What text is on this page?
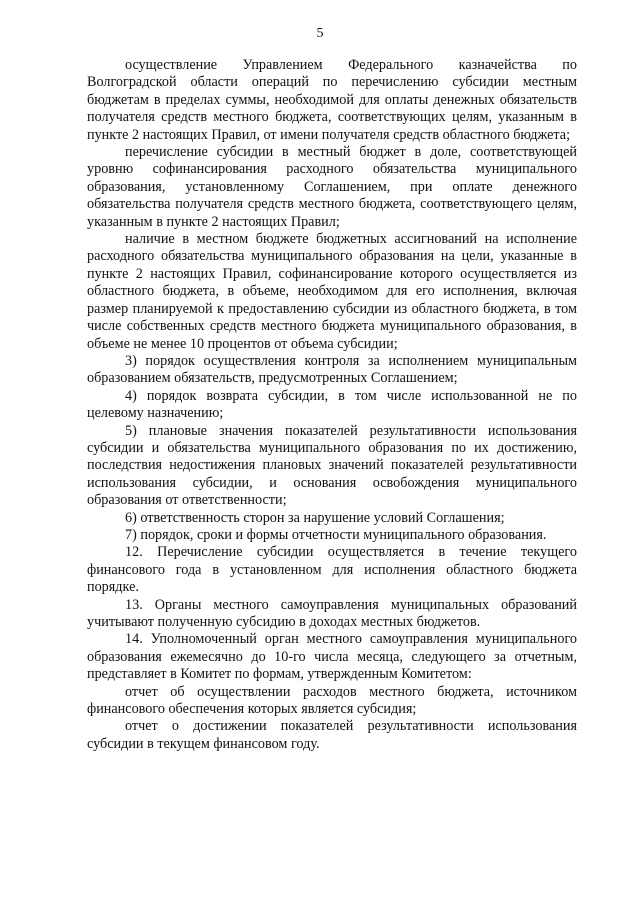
5

осуществление Управлением Федерального казначейства по Волгоградской области операций по перечислению субсидии местным бюджетам в пределах суммы, необходимой для оплаты денежных обязательств получателя средств местного бюджета, соответствующих целям, указанным в пункте 2 настоящих Правил, от имени получателя средств областного бюджета;

перечисление субсидии в местный бюджет в доле, соответствующей уровню софинансирования расходного обязательства муниципального образования, установленному Соглашением, при оплате денежного обязательства получателя средств местного бюджета, соответствующего целям, указанным в пункте 2 настоящих Правил;

наличие в местном бюджете бюджетных ассигнований на исполнение расходного обязательства муниципального образования на цели, указанные в пункте 2 настоящих Правил, софинансирование которого осуществляется из областного бюджета, в объеме, необходимом для его исполнения, включая размер планируемой к предоставлению субсидии из областного бюджета, в том числе собственных средств местного бюджета муниципального образования, в объеме не менее 10 процентов от объема субсидии;

3) порядок осуществления контроля за исполнением муниципальным образованием обязательств, предусмотренных Соглашением;

4) порядок возврата субсидии, в том числе использованной не по целевому назначению;

5) плановые значения показателей результативности использования субсидии и обязательства муниципального образования по их достижению, последствия недостижения плановых значений показателей результативности использования субсидии, и основания освобождения муниципального образования от ответственности;

6) ответственность сторон за нарушение условий Соглашения;

7) порядок, сроки и формы отчетности муниципального образования.

12. Перечисление субсидии осуществляется в течение текущего финансового года в установленном для исполнения областного бюджета порядке.

13. Органы местного самоуправления муниципальных образований учитывают полученную субсидию в доходах местных бюджетов.

14. Уполномоченный орган местного самоуправления муниципального образования ежемесячно до 10-го числа месяца, следующего за отчетным, представляет в Комитет по формам, утвержденным Комитетом:

отчет об осуществлении расходов местного бюджета, источником финансового обеспечения которых является субсидия;

отчет о достижении показателей результативности использования субсидии в текущем финансовом году.
